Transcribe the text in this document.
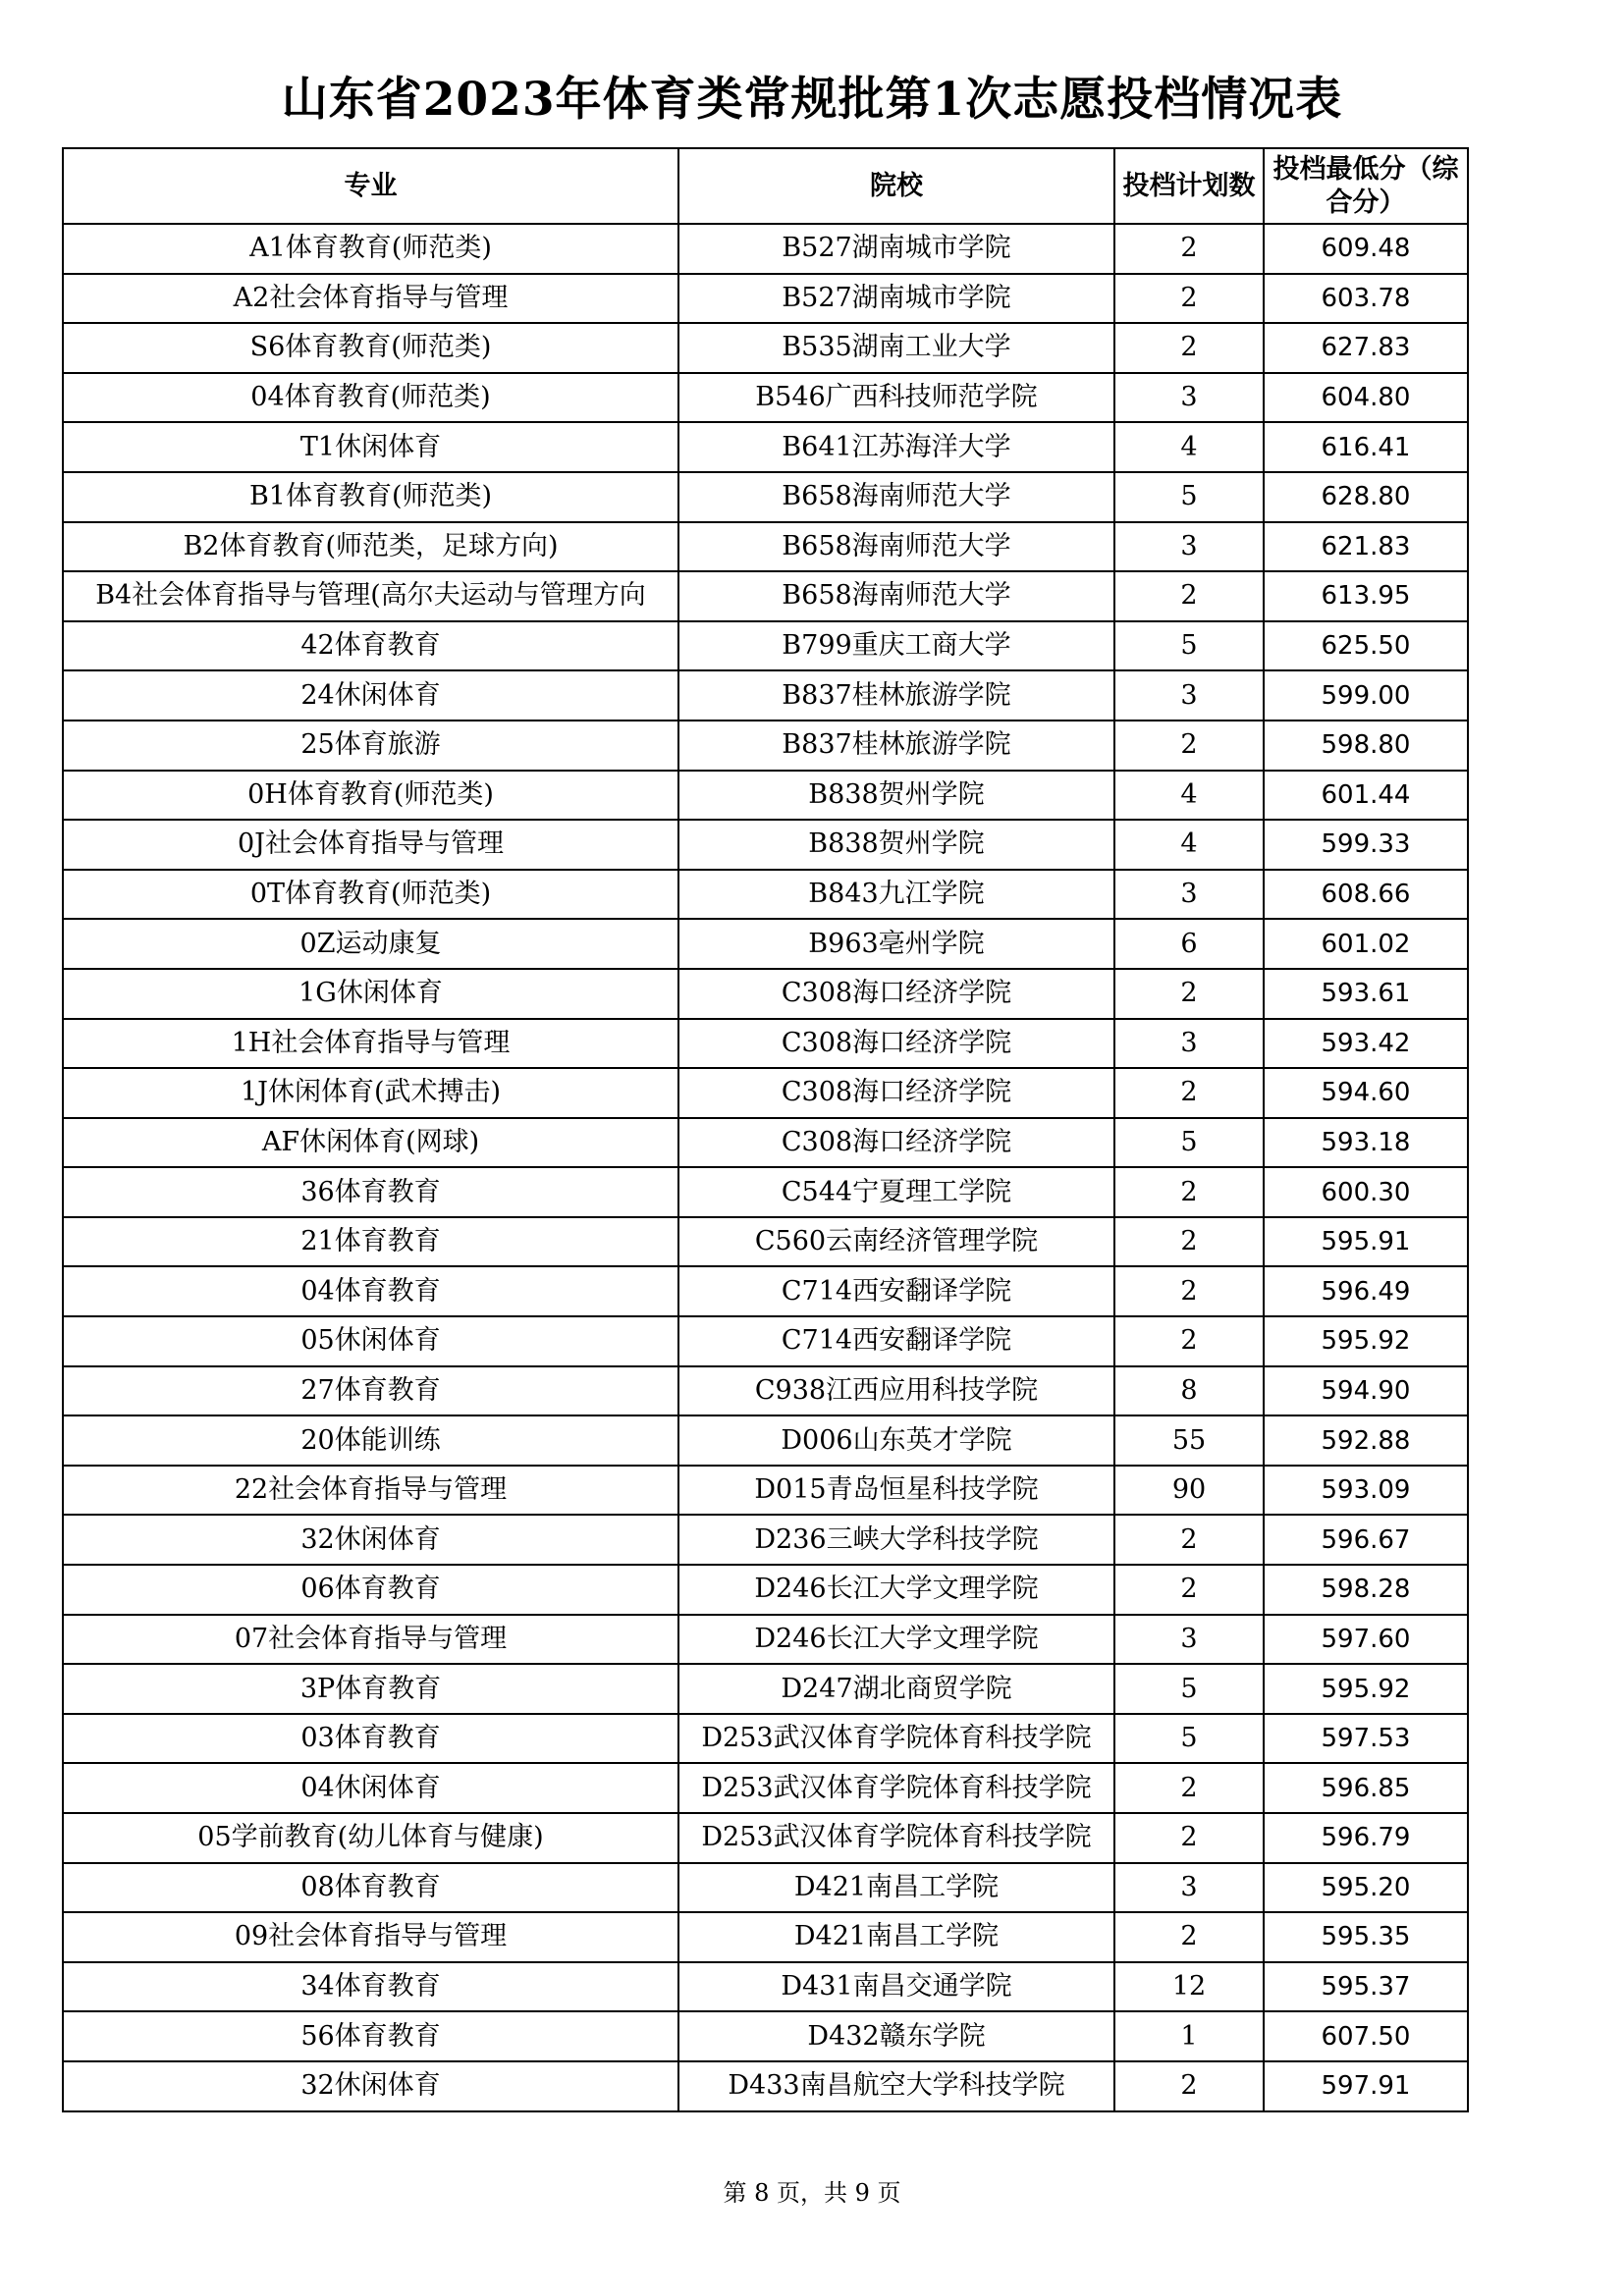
山东省2023年体育类常规批第1次志愿投档情况表
专业	院校	投档计划数	投档最低分（综合分）
A1体育教育(师范类)	B527湖南城市学院	2	609.48
A2社会体育指导与管理	B527湖南城市学院	2	603.78
S6体育教育(师范类)	B535湖南工业大学	2	627.83
04体育教育(师范类)	B546广西科技师范学院	3	604.80
T1休闲体育	B641江苏海洋大学	4	616.41
B1体育教育(师范类)	B658海南师范大学	5	628.80
B2体育教育(师范类，足球方向)	B658海南师范大学	3	621.83
B4社会体育指导与管理(高尔夫运动与管理方向	B658海南师范大学	2	613.95
42体育教育	B799重庆工商大学	5	625.50
24休闲体育	B837桂林旅游学院	3	599.00
25体育旅游	B837桂林旅游学院	2	598.80
0H体育教育(师范类)	B838贺州学院	4	601.44
0J社会体育指导与管理	B838贺州学院	4	599.33
0T体育教育(师范类)	B843九江学院	3	608.66
0Z运动康复	B963亳州学院	6	601.02
1G休闲体育	C308海口经济学院	2	593.61
1H社会体育指导与管理	C308海口经济学院	3	593.42
1J休闲体育(武术搏击)	C308海口经济学院	2	594.60
AF休闲体育(网球)	C308海口经济学院	5	593.18
36体育教育	C544宁夏理工学院	2	600.30
21体育教育	C560云南经济管理学院	2	595.91
04体育教育	C714西安翻译学院	2	596.49
05休闲体育	C714西安翻译学院	2	595.92
27体育教育	C938江西应用科技学院	8	594.90
20体能训练	D006山东英才学院	55	592.88
22社会体育指导与管理	D015青岛恒星科技学院	90	593.09
32休闲体育	D236三峡大学科技学院	2	596.67
06体育教育	D246长江大学文理学院	2	598.28
07社会体育指导与管理	D246长江大学文理学院	3	597.60
3P体育教育	D247湖北商贸学院	5	595.92
03体育教育	D253武汉体育学院体育科技学院	5	597.53
04休闲体育	D253武汉体育学院体育科技学院	2	596.85
05学前教育(幼儿体育与健康)	D253武汉体育学院体育科技学院	2	596.79
08体育教育	D421南昌工学院	3	595.20
09社会体育指导与管理	D421南昌工学院	2	595.35
34体育教育	D431南昌交通学院	12	595.37
56体育教育	D432赣东学院	1	607.50
32休闲体育	D433南昌航空大学科技学院	2	597.91
第 8 页，共 9 页
